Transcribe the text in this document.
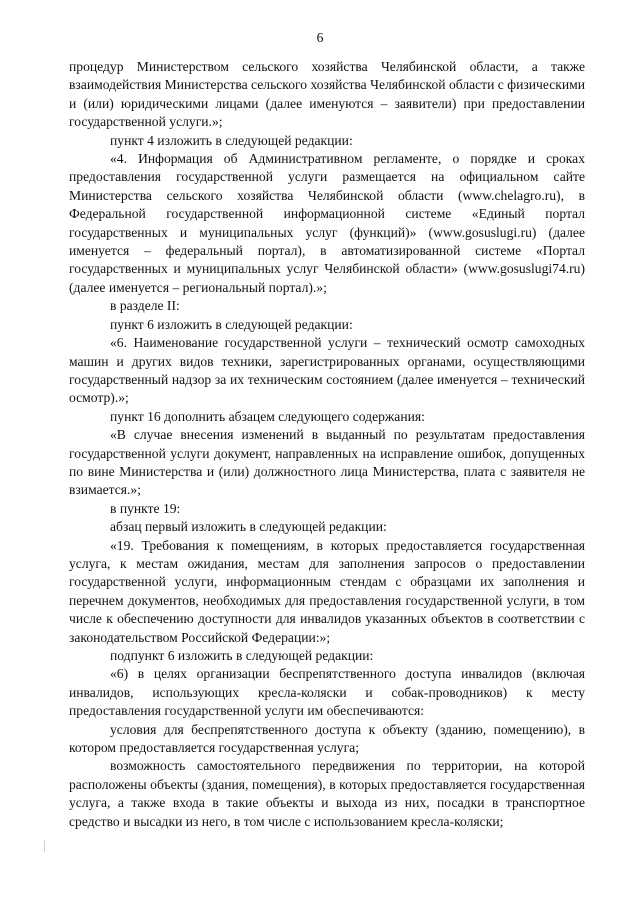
6

процедур Министерством сельского хозяйства Челябинской области, а также взаимодействия Министерства сельского хозяйства Челябинской области с физическими и (или) юридическими лицами (далее именуются – заявители) при предоставлении государственной услуги.»;

пункт 4 изложить в следующей редакции:

«4. Информация об Административном регламенте, о порядке и сроках предоставления государственной услуги размещается на официальном сайте Министерства сельского хозяйства Челябинской области (www.chelagro.ru), в Федеральной государственной информационной системе «Единый портал государственных и муниципальных услуг (функций)» (www.gosuslugi.ru) (далее именуется – федеральный портал), в автоматизированной системе «Портал государственных и муниципальных услуг Челябинской области» (www.gosuslugi74.ru) (далее именуется – региональный портал).»;

в разделе II:

пункт 6 изложить в следующей редакции:

«6. Наименование государственной услуги – технический осмотр самоходных машин и других видов техники, зарегистрированных органами, осуществляющими государственный надзор за их техническим состоянием (далее именуется – технический осмотр).»;

пункт 16 дополнить абзацем следующего содержания:

«В случае внесения изменений в выданный по результатам предоставления государственной услуги документ, направленных на исправление ошибок, допущенных по вине Министерства и (или) должностного лица Министерства, плата с заявителя не взимается.»;

в пункте 19:

абзац первый изложить в следующей редакции:

«19. Требования к помещениям, в которых предоставляется государственная услуга, к местам ожидания, местам для заполнения запросов о предоставлении государственной услуги, информационным стендам с образцами их заполнения и перечнем документов, необходимых для предоставления государственной услуги, в том числе к обеспечению доступности для инвалидов указанных объектов в соответствии с законодательством Российской Федерации:»;

подпункт 6 изложить в следующей редакции:

«6) в целях организации беспрепятственного доступа инвалидов (включая инвалидов, использующих кресла-коляски и собак-проводников) к месту предоставления государственной услуги им обеспечиваются:

условия для беспрепятственного доступа к объекту (зданию, помещению), в котором предоставляется государственная услуга;

возможность самостоятельного передвижения по территории, на которой расположены объекты (здания, помещения), в которых предоставляется государственная услуга, а также входа в такие объекты и выхода из них, посадки в транспортное средство и высадки из него, в том числе с использованием кресла-коляски;
